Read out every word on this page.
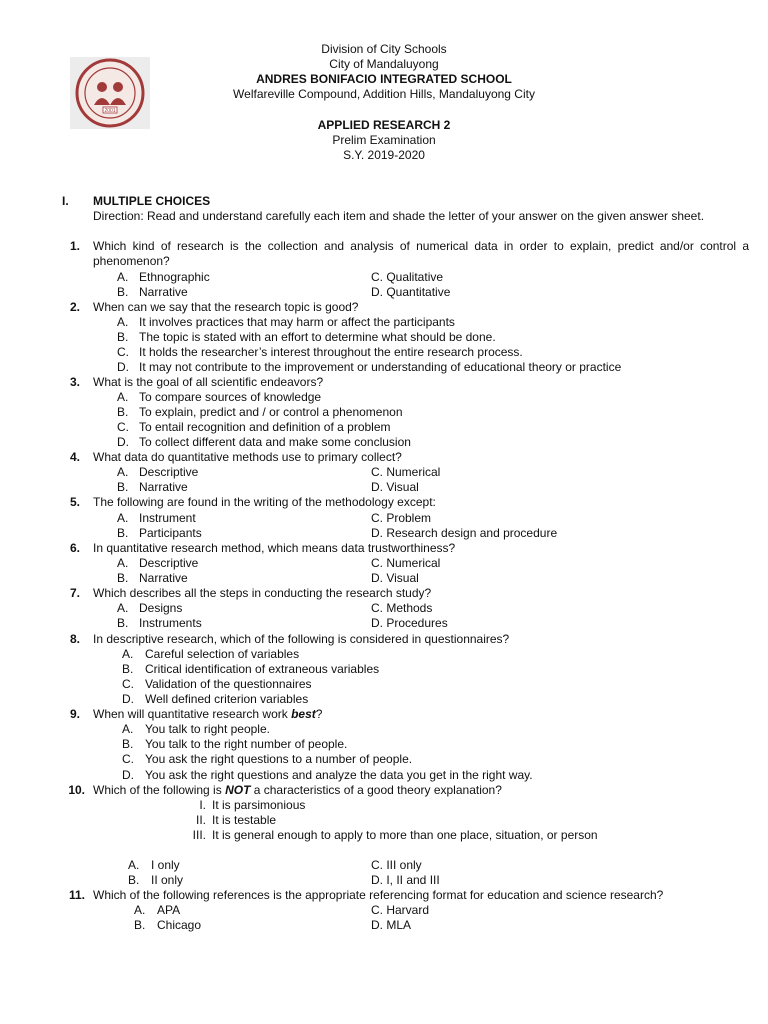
2001
Division of City Schools
City of Mandaluyong
ANDRES BONIFACIO INTEGRATED SCHOOL
Welfareville Compound, Addition Hills, Mandaluyong City
APPLIED RESEARCH 2
Prelim Examination
S.Y. 2019-2020
I. MULTIPLE CHOICES
Direction: Read and understand carefully each item and shade the letter of your answer on the given answer sheet.
1. Which kind of research is the collection and analysis of numerical data in order to explain, predict and/or control a phenomenon?
A. Ethnographic	C. Qualitative
B. Narrative	D. Quantitative
2. When can we say that the research topic is good?
A. It involves practices that may harm or affect the participants
B. The topic is stated with an effort to determine what should be done.
C. It holds the researcher’s interest throughout the entire research process.
D. It may not contribute to the improvement or understanding of educational theory or practice
3. What is the goal of all scientific endeavors?
A. To compare sources of knowledge
B. To explain, predict and / or control a phenomenon
C. To entail recognition and definition of a problem
D. To collect different data and make some conclusion
4. What data do quantitative methods use to primary collect?
A. Descriptive	C. Numerical
B. Narrative	D. Visual
5. The following are found in the writing of the methodology except:
A. Instrument	C. Problem
B. Participants	D. Research design and procedure
6. In quantitative research method, which means data trustworthiness?
A. Descriptive	C. Numerical
B. Narrative	D. Visual
7. Which describes all the steps in conducting the research study?
A. Designs	C. Methods
B. Instruments	D. Procedures
8. In descriptive research, which of the following is considered in questionnaires?
A. Careful selection of variables
B. Critical identification of extraneous variables
C. Validation of the questionnaires
D. Well defined criterion variables
9. When will quantitative research work best?
A. You talk to right people.
B. You talk to the right number of people.
C. You ask the right questions to a number of people.
D. You ask the right questions and analyze the data you get in the right way.
10. Which of the following is NOT a characteristics of a good theory explanation?
I. It is parsimonious
II. It is testable
III. It is general enough to apply to more than one place, situation, or person
A. I only	C. III only
B. II only	D. I, II and III
11. Which of the following references is the appropriate referencing format for education and science research?
A. APA	C. Harvard
B. Chicago	D. MLA
